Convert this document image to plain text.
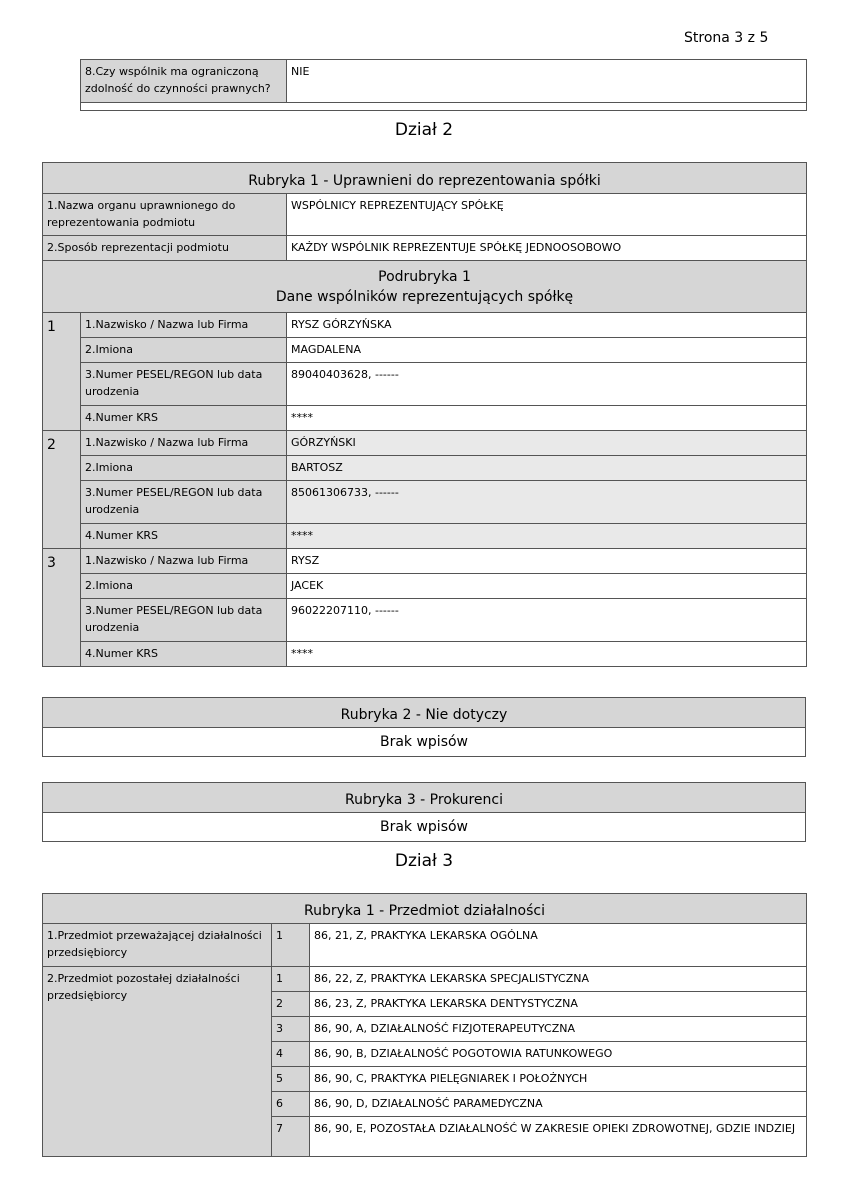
Strona 3 z 5
8.Czy wspólnik ma ograniczoną zdolność do czynności prawnych?	NIE

Dział 2
Rubryka 1 - Uprawnieni do reprezentowania spółki		
1.Nazwa organu uprawnionego do reprezentowania podmiotu		WSPÓLNICY REPREZENTUJĄCY SPÓŁKĘ
2.Sposób reprezentacji podmiotu		KAŻDY WSPÓLNIK REPREZENTUJE SPÓŁKĘ JEDNOOSOBOWO

Podrubryka 1
Dane wspólników reprezentujących spółkę		

1	1.Nazwisko / Nazwa lub Firma	RYSZ GÓRZYŃSKA
	2.Imiona	MAGDALENA
	3.Numer PESEL/REGON lub data urodzenia	89040403628, ------
	4.Numer KRS	****
2	1.Nazwisko / Nazwa lub Firma	GÓRZYŃSKI
	2.Imiona	BARTOSZ
	3.Numer PESEL/REGON lub data urodzenia	85061306733, ------
	4.Numer KRS	****
3	1.Nazwisko / Nazwa lub Firma	RYSZ
	2.Imiona	JACEK
	3.Numer PESEL/REGON lub data urodzenia	96022207110, ------
	4.Numer KRS	****
Rubryka 2 - Nie dotyczy
Brak wpisów
Rubryka 3 - Prokurenci
Brak wpisów
Dział 3
Rubryka 1 - Przedmiot działalności		
1.Przedmiot przeważającej działalności przedsiębiorcy	1	86, 21, Z, PRAKTYKA LEKARSKA OGÓLNA
2.Przedmiot pozostałej działalności przedsiębiorcy	1	86, 22, Z, PRAKTYKA LEKARSKA SPECJALISTYCZNA
	2	86, 23, Z, PRAKTYKA LEKARSKA DENTYSTYCZNA
	3	86, 90, A, DZIAŁALNOŚĆ FIZJOTERAPEUTYCZNA
	4	86, 90, B, DZIAŁALNOŚĆ POGOTOWIA RATUNKOWEGO
	5	86, 90, C, PRAKTYKA PIELĘGNIAREK I POŁOŻNYCH
	6	86, 90, D, DZIAŁALNOŚĆ PARAMEDYCZNA
	7	86, 90, E, POZOSTAŁA DZIAŁALNOŚĆ W ZAKRESIE OPIEKI ZDROWOTNEJ, GDZIE INDZIEJ
